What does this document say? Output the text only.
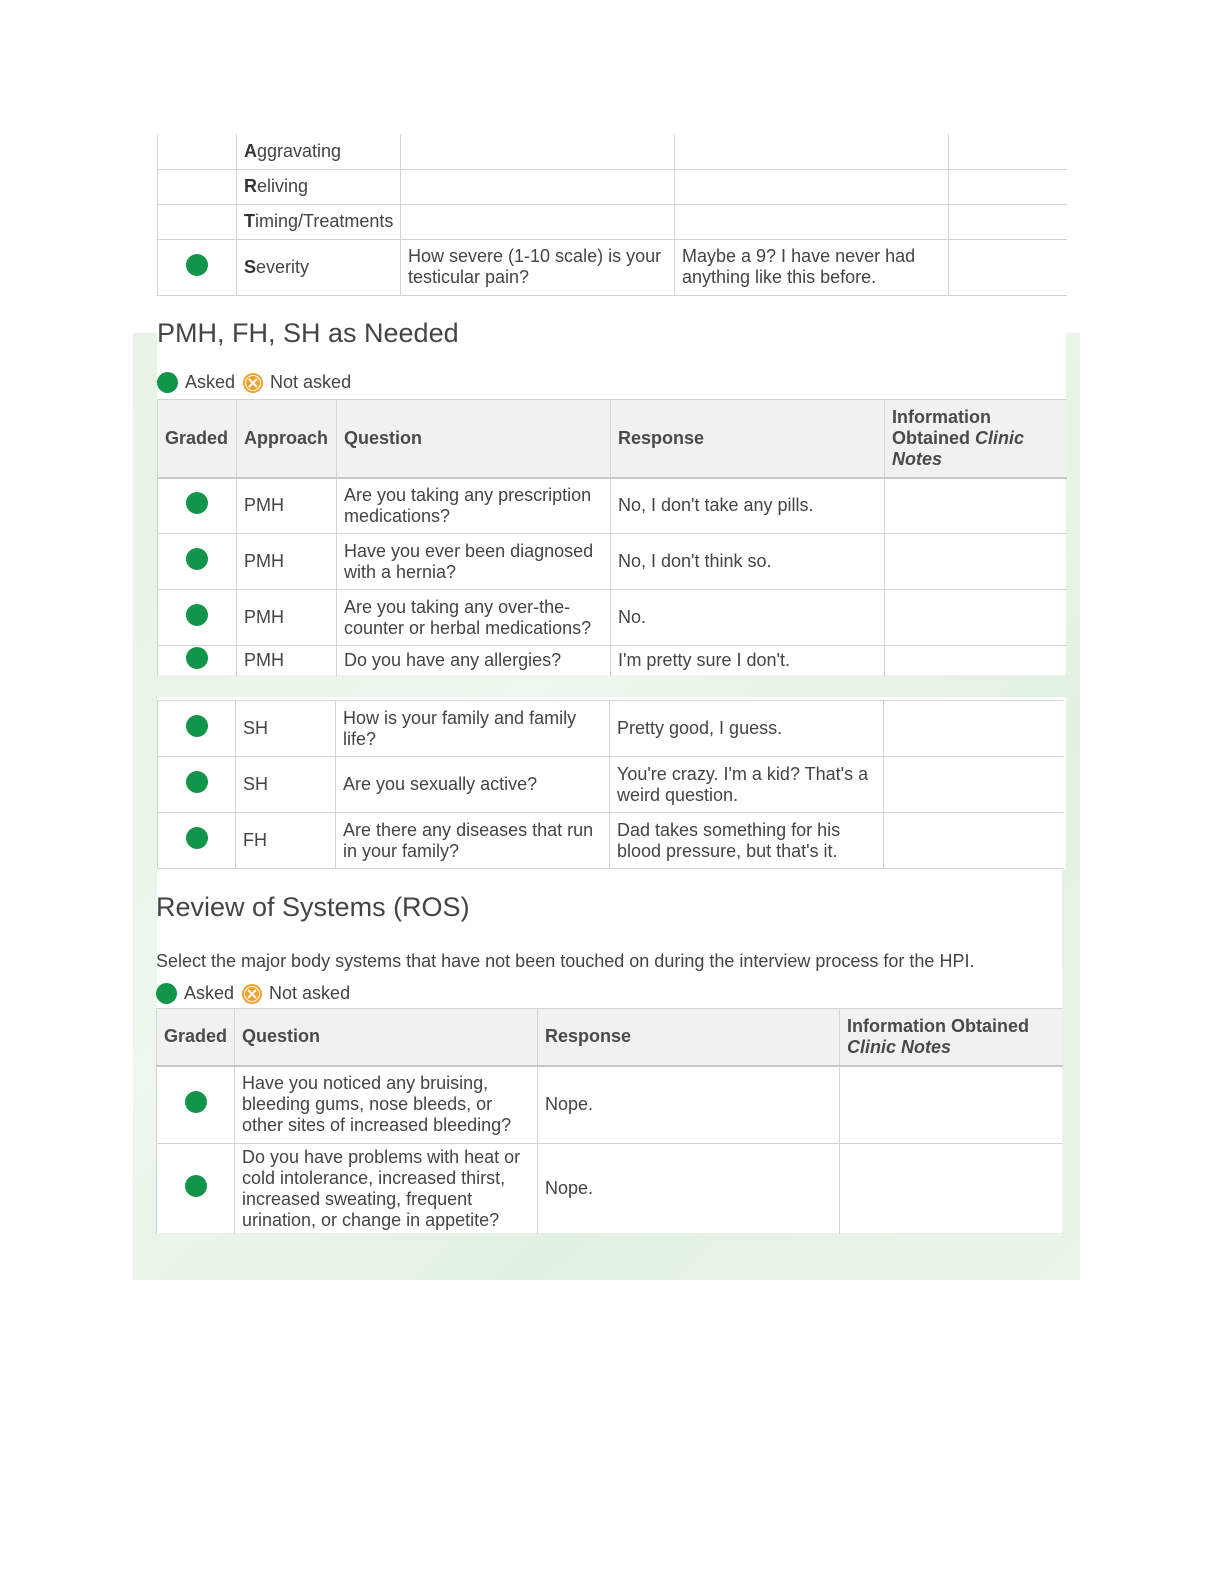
	Aggravating			
	Reliving			
	Timing/Treatments			
	Severity	How severe (1-10 scale) is your testicular pain?	Maybe a 9? I have never had anything like this before.	
PMH, FH, SH as Needed
Asked Not asked
Graded	Approach	Question	Response	Information
Obtained Clinic Notes
	PMH	Are you taking any prescription medications?	No, I don't take any pills.	
	PMH	Have you ever been diagnosed with a hernia?	No, I don't think so.	
	PMH	Are you taking any over-the-counter or herbal medications?	No.	
	PMH	Do you have any allergies?	I'm pretty sure I don't.	
	SH	How is your family and family life?	Pretty good, I guess.	
	SH	Are you sexually active?	You're crazy. I'm a kid? That's a weird question.	
	FH	Are there any diseases that run in your family?	Dad takes something for his blood pressure, but that's it.	
Review of Systems (ROS)

Select the major body systems that have not been touched on during the interview process for the HPI.

Asked Not asked
Graded	Question	Response	Information Obtained
Clinic Notes
	Have you noticed any bruising, bleeding gums, nose bleeds, or other sites of increased bleeding?	Nope.	
	Do you have problems with heat or cold intolerance, increased thirst, increased sweating, frequent urination, or change in appetite?	Nope.	
